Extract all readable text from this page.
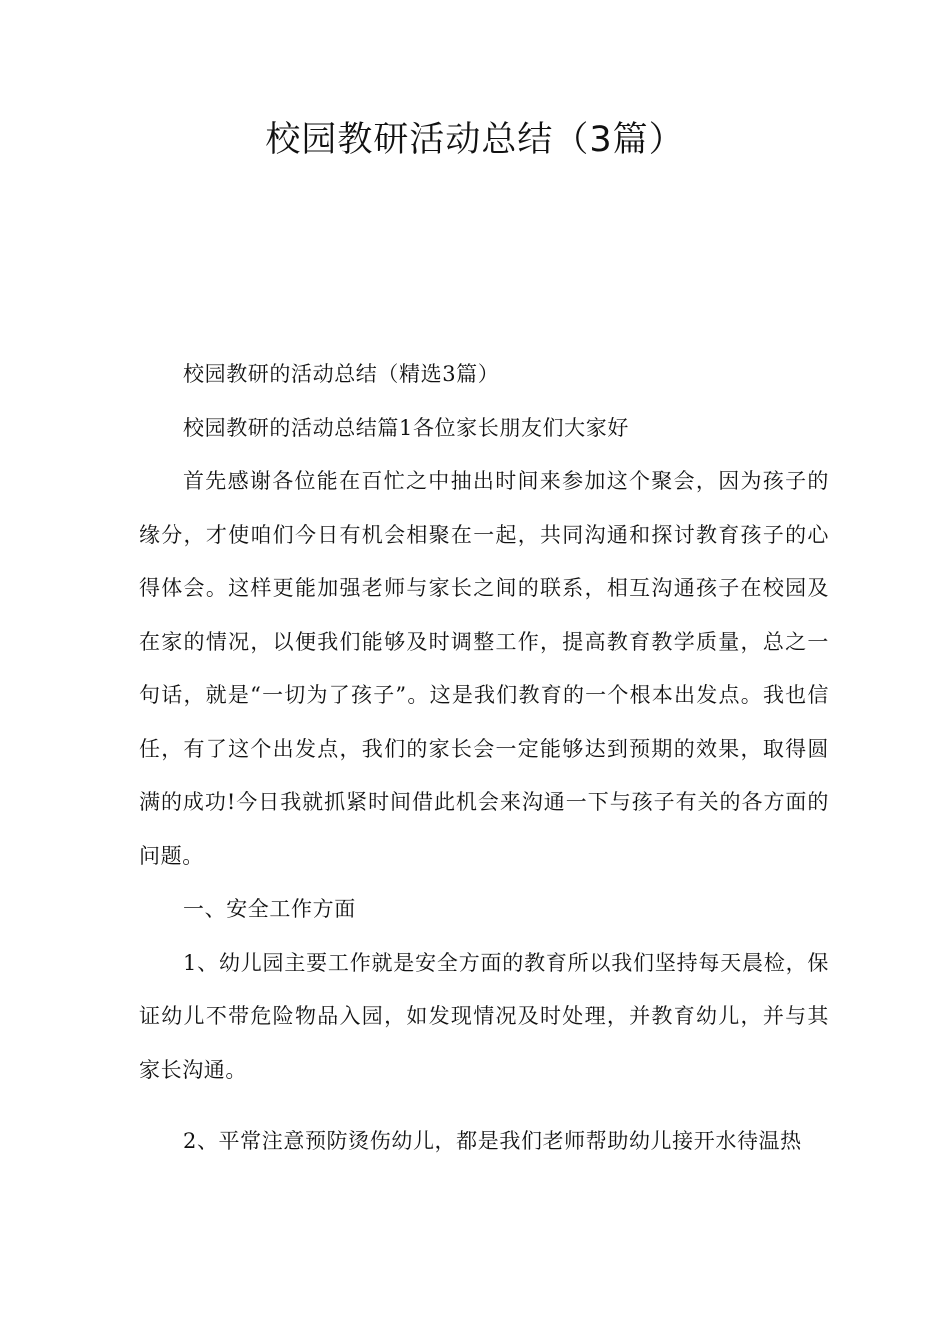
校园教研活动总结（3篇）

校园教研的活动总结（精选3篇）

校园教研的活动总结篇1各位家长朋友们大家好

首先感谢各位能在百忙之中抽出时间来参加这个聚会，因为孩子的缘分，才使咱们今日有机会相聚在一起，共同沟通和探讨教育孩子的心得体会。这样更能加强老师与家长之间的联系，相互沟通孩子在校园及在家的情况，以便我们能够及时调整工作，提高教育教学质量，总之一句话，就是“一切为了孩子”。这是我们教育的一个根本出发点。我也信任，有了这个出发点，我们的家长会一定能够达到预期的效果，取得圆满的成功!今日我就抓紧时间借此机会来沟通一下与孩子有关的各方面的问题。

一、安全工作方面

1、幼儿园主要工作就是安全方面的教育所以我们坚持每天晨检，保证幼儿不带危险物品入园，如发现情况及时处理，并教育幼儿，并与其家长沟通。

2、平常注意预防烫伤幼儿，都是我们老师帮助幼儿接开水待温热
